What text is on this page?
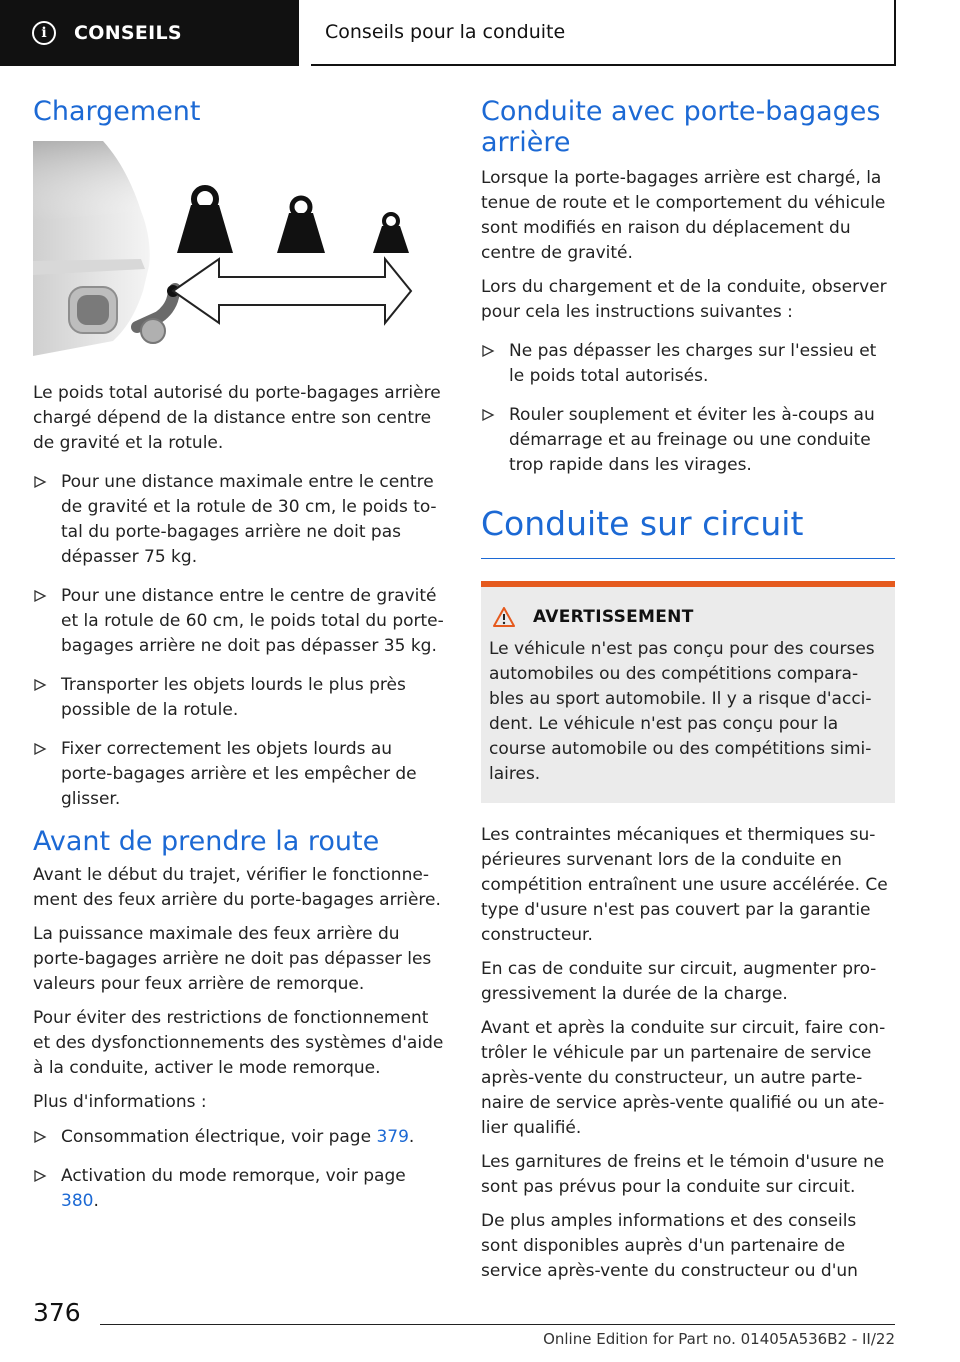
i	CONSEILS	Conseils pour la conduite
Chargement

Le poids total autorisé du porte-bagages arrière chargé dépend de la distance entre son centre de gravité et la rotule.

Pour une distance maximale entre le centre de gravité et la rotule de 30 cm, le poids total du porte-bagages arrière ne doit pas dépasser 75 kg.
Pour une distance entre le centre de gravité et la rotule de 60 cm, le poids total du porte-bagages arrière ne doit pas dépasser 35 kg.
Transporter les objets lourds le plus près possible de la rotule.
Fixer correctement les objets lourds au porte-bagages arrière et les empêcher de glisser.
Avant de prendre la route

Avant le début du trajet, vérifier le fonctionnement des feux arrière du porte-bagages arrière.

La puissance maximale des feux arrière du porte-bagages arrière ne doit pas dépasser les valeurs pour feux arrière de remorque.

Pour éviter des restrictions de fonctionnement et des dysfonctionnements des systèmes d'aide à la conduite, activer le mode remorque.

Plus d'informations :

Consommation électrique, voir page 379.
Activation du mode remorque, voir page 380.
Conduite avec porte-bagages arrière

Lorsque la porte-bagages arrière est chargé, la tenue de route et le comportement du véhicule sont modifiés en raison du déplacement du centre de gravité.

Lors du chargement et de la conduite, observer pour cela les instructions suivantes :

Ne pas dépasser les charges sur l'essieu et le poids total autorisés.
Rouler souplement et éviter les à-coups au démarrage et au freinage ou une conduite trop rapide dans les virages.
Conduite sur circuit
AVERTISSEMENT

Le véhicule n'est pas conçu pour des courses automobiles ou des compétitions comparables au sport automobile. Il y a risque d'accident. Le véhicule n'est pas conçu pour la course automobile ou des compétitions similaires.

Les contraintes mécaniques et thermiques supérieures survenant lors de la conduite en compétition entraînent une usure accélérée. Ce type d'usure n'est pas couvert par la garantie constructeur.

En cas de conduite sur circuit, augmenter progressivement la durée de la charge.

Avant et après la conduite sur circuit, faire contrôler le véhicule par un partenaire de service après-vente du constructeur, un autre partenaire de service après-vente qualifié ou un atelier qualifié.

Les garnitures de freins et le témoin d'usure ne sont pas prévus pour la conduite sur circuit.

De plus amples informations et des conseils sont disponibles auprès d'un partenaire de service après-vente du constructeur ou d'un

376
Online Edition for Part no. 01405A536B2 - II/22
